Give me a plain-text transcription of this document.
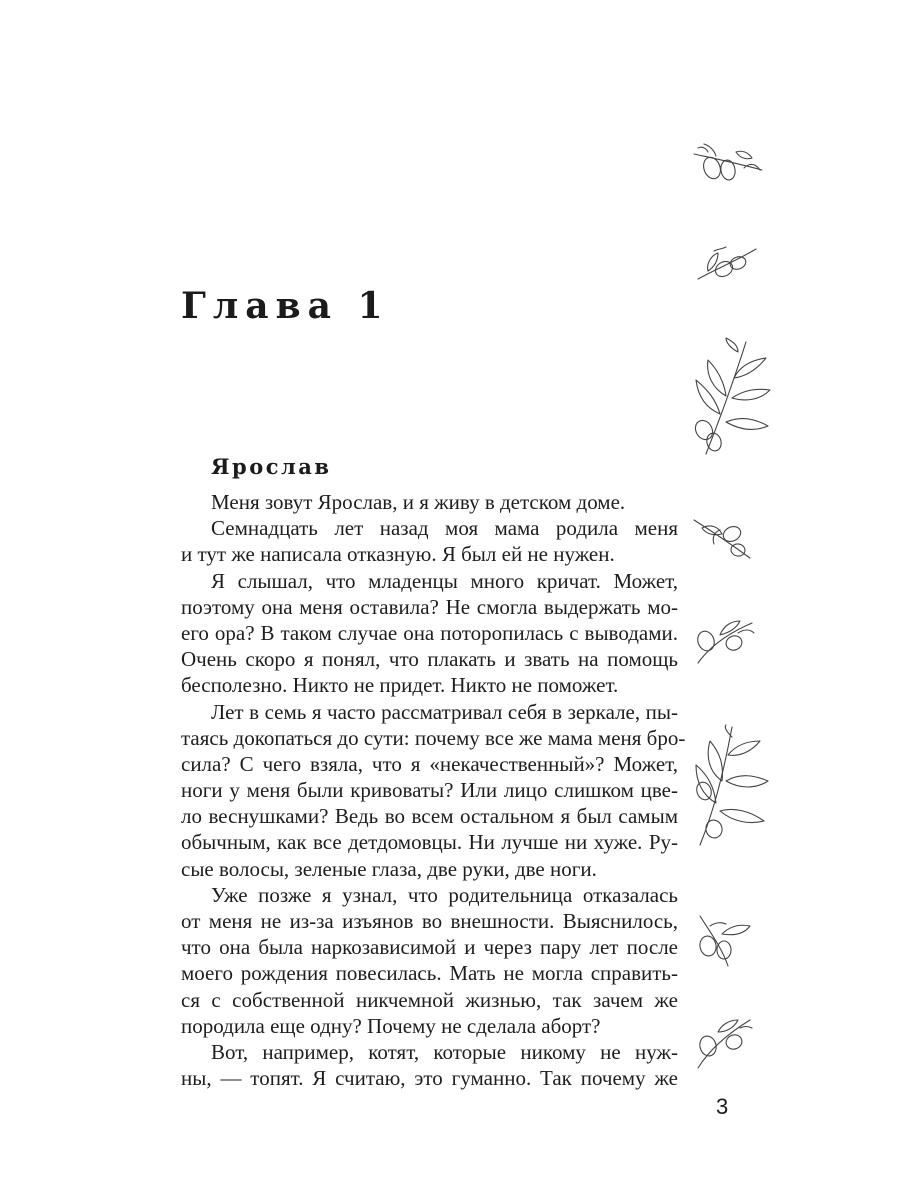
Глава 1
Ярослав
Меня зовут Ярослав, и я живу в детском доме.
Семнадцать лет назад моя мама родила меня
и тут же написала отказную. Я был ей не нужен.
Я слышал, что младенцы много кричат. Может,
поэтому она меня оставила? Не смогла выдержать мо-
его ора? В таком случае она поторопилась с выводами.
Очень скоро я понял, что плакать и звать на помощь
бесполезно. Никто не придет. Никто не поможет.
Лет в семь я часто рассматривал себя в зеркале, пы-
таясь докопаться до сути: почему все же мама меня бро-
сила? С чего взяла, что я «некачественный»? Может,
ноги у меня были кривоваты? Или лицо слишком цве-
ло веснушками? Ведь во всем остальном я был самым
обычным, как все детдомовцы. Ни лучше ни хуже. Ру-
сые волосы, зеленые глаза, две руки, две ноги.
Уже позже я узнал, что родительница отказалась
от меня не из-за изъянов во внешности. Выяснилось,
что она была наркозависимой и через пару лет после
моего рождения повесилась. Мать не могла справить-
ся с собственной никчемной жизнью, так зачем же
породила еще одну? Почему не сделала аборт?
Вот, например, котят, которые никому не нуж-
ны, — топят. Я считаю, это гуманно. Так почему же
3
